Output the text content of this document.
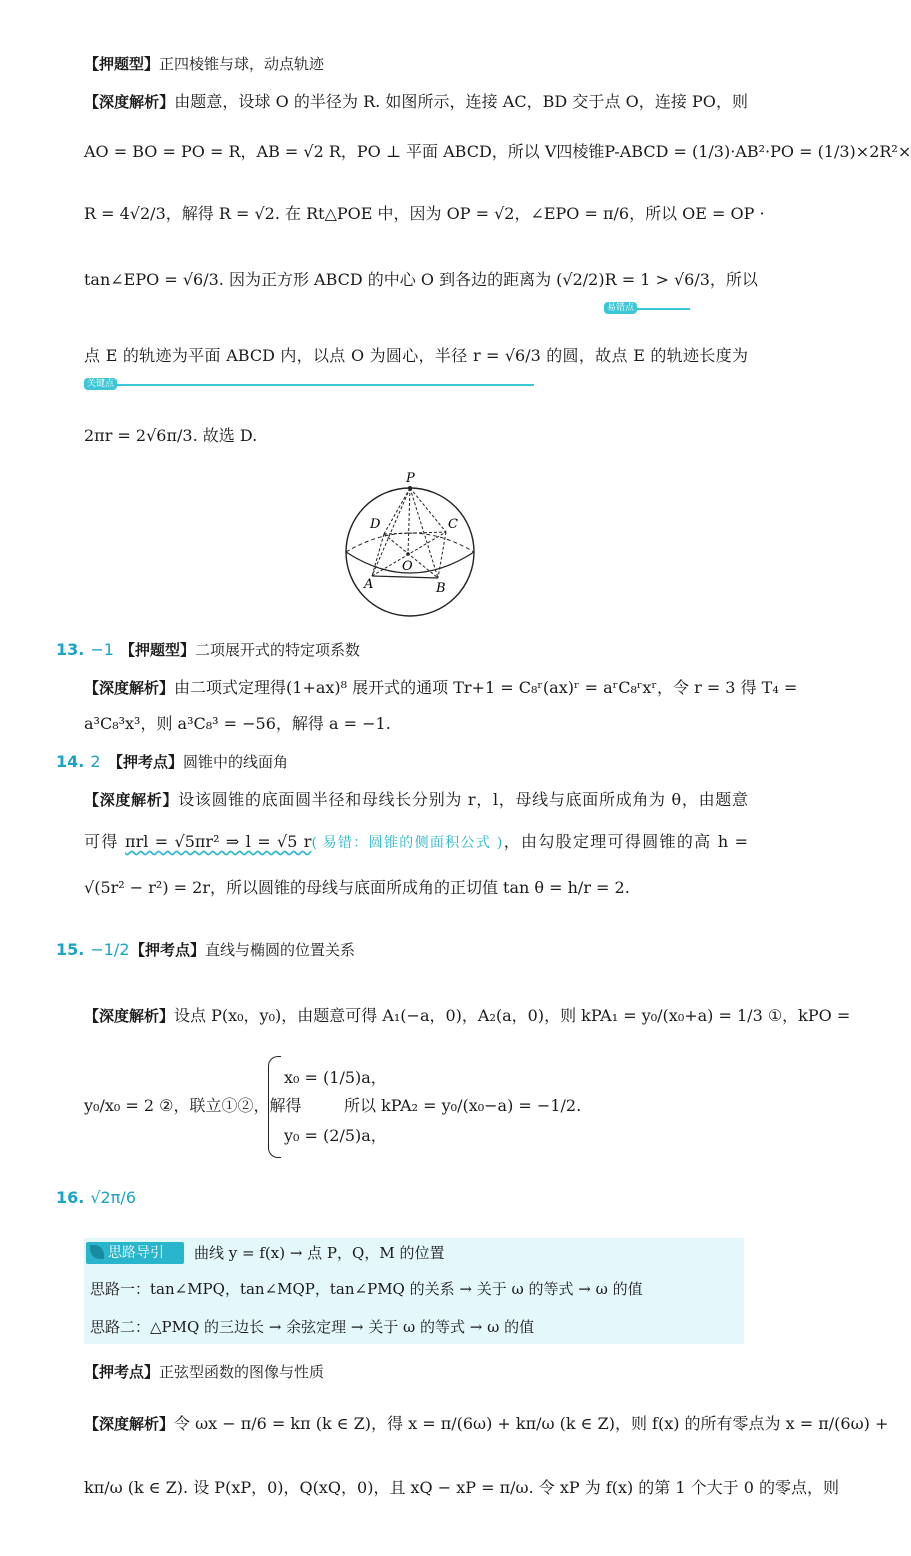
【押题型】正四棱锥与球，动点轨迹
【深度解析】由题意，设球 O 的半径为 R. 如图所示，连接 AC，BD 交于点 O，连接 PO，则
AO = BO = PO = R，AB = √2 R，PO ⊥ 平面 ABCD，所以 V四棱锥P-ABCD = (1/3)·AB²·PO = (1/3)×2R²×
R = 4√2/3，解得 R = √2. 在 Rt△POE 中，因为 OP = √2，∠EPO = π/6，所以 OE = OP ·
tan∠EPO = √6/3. 因为正方形 ABCD 的中心 O 到各边的距离为 (√2/2)R = 1 > √6/3，所以
易错点
点 E 的轨迹为平面 ABCD 内，以点 O 为圆心，半径 r = √6/3 的圆，故点 E 的轨迹长度为
关键点
2πr = 2√6π/3. 故选 D.
P
D	C
O
A	B
13. −1 【押题型】二项展开式的特定项系数
【深度解析】由二项式定理得(1+ax)⁸ 展开式的通项 Tr+1 = C₈ʳ(ax)ʳ = aʳC₈ʳxʳ，令 r = 3 得 T₄ =
a³C₈³x³，则 a³C₈³ = −56，解得 a = −1.
14. 2 【押考点】圆锥中的线面角
【深度解析】设该圆锥的底面圆半径和母线长分别为 r，l，母线与底面所成角为 θ，由题意
可得 πrl = √5πr² ⇒ l = √5 r( 易错：圆锥的侧面积公式 )，由勾股定理可得圆锥的高 h =
√(5r² − r²) = 2r，所以圆锥的母线与底面所成角的正切值 tan θ = h/r = 2.
15. −1/2 【押考点】直线与椭圆的位置关系
【深度解析】设点 P(x₀，y₀)，由题意可得 A₁(−a，0)，A₂(a，0)，则 kPA₁ = y₀/(x₀+a) = 1/3 ①，kPO =
y₀/x₀ = 2 ②，联立①②，解得
x₀ = (1/5)a，
y₀ = (2/5)a，
所以 kPA₂ = y₀/(x₀−a) = −1/2.
16. √2π/6
思路导引	曲线 y = f(x) → 点 P，Q，M 的位置
思路一：tan∠MPQ，tan∠MQP，tan∠PMQ 的关系 → 关于 ω 的等式 → ω 的值
思路二：△PMQ 的三边长 → 余弦定理 → 关于 ω 的等式 → ω 的值
【押考点】正弦型函数的图像与性质
【深度解析】令 ωx − π/6 = kπ (k ∈ Z)，得 x = π/(6ω) + kπ/ω (k ∈ Z)，则 f(x) 的所有零点为 x = π/(6ω) +
kπ/ω (k ∈ Z). 设 P(xP，0)，Q(xQ，0)，且 xQ − xP = π/ω. 令 xP 为 f(x) 的第 1 个大于 0 的零点，则
